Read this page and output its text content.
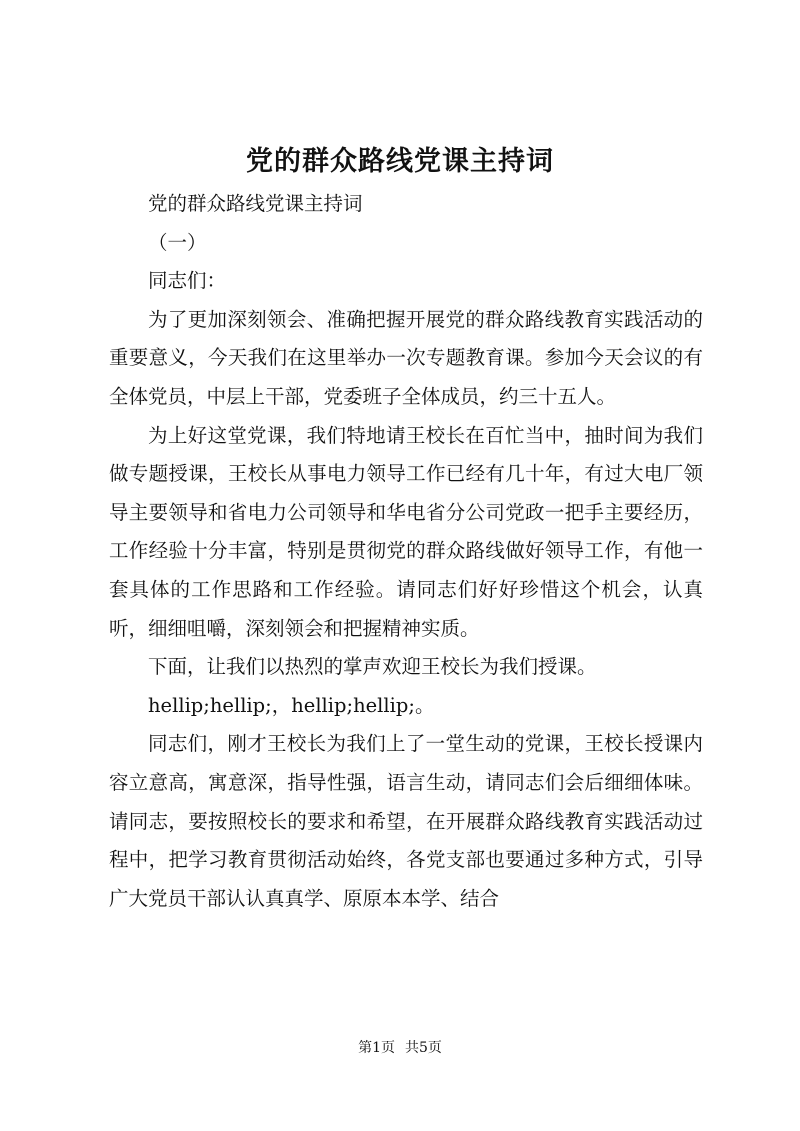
党的群众路线党课主持词

党的群众路线党课主持词

（一）

同志们：

为了更加深刻领会、准确把握开展党的群众路线教育实践活动的重要意义，今天我们在这里举办一次专题教育课。参加今天会议的有全体党员，中层上干部，党委班子全体成员，约三十五人。

为上好这堂党课，我们特地请王校长在百忙当中，抽时间为我们做专题授课，王校长从事电力领导工作已经有几十年，有过大电厂领导主要领导和省电力公司领导和华电省分公司党政一把手主要经历，工作经验十分丰富，特别是贯彻党的群众路线做好领导工作，有他一套具体的工作思路和工作经验。请同志们好好珍惜这个机会，认真听，细细咀嚼，深刻领会和把握精神实质。

下面，让我们以热烈的掌声欢迎王校长为我们授课。

hellip;hellip;，hellip;hellip;。

同志们，刚才王校长为我们上了一堂生动的党课，王校长授课内容立意高，寓意深，指导性强，语言生动，请同志们会后细细体味。请同志，要按照校长的要求和希望，在开展群众路线教育实践活动过程中，把学习教育贯彻活动始终，各党支部也要通过多种方式，引导广大党员干部认认真真学、原原本本学、结合

第1页 共5页
